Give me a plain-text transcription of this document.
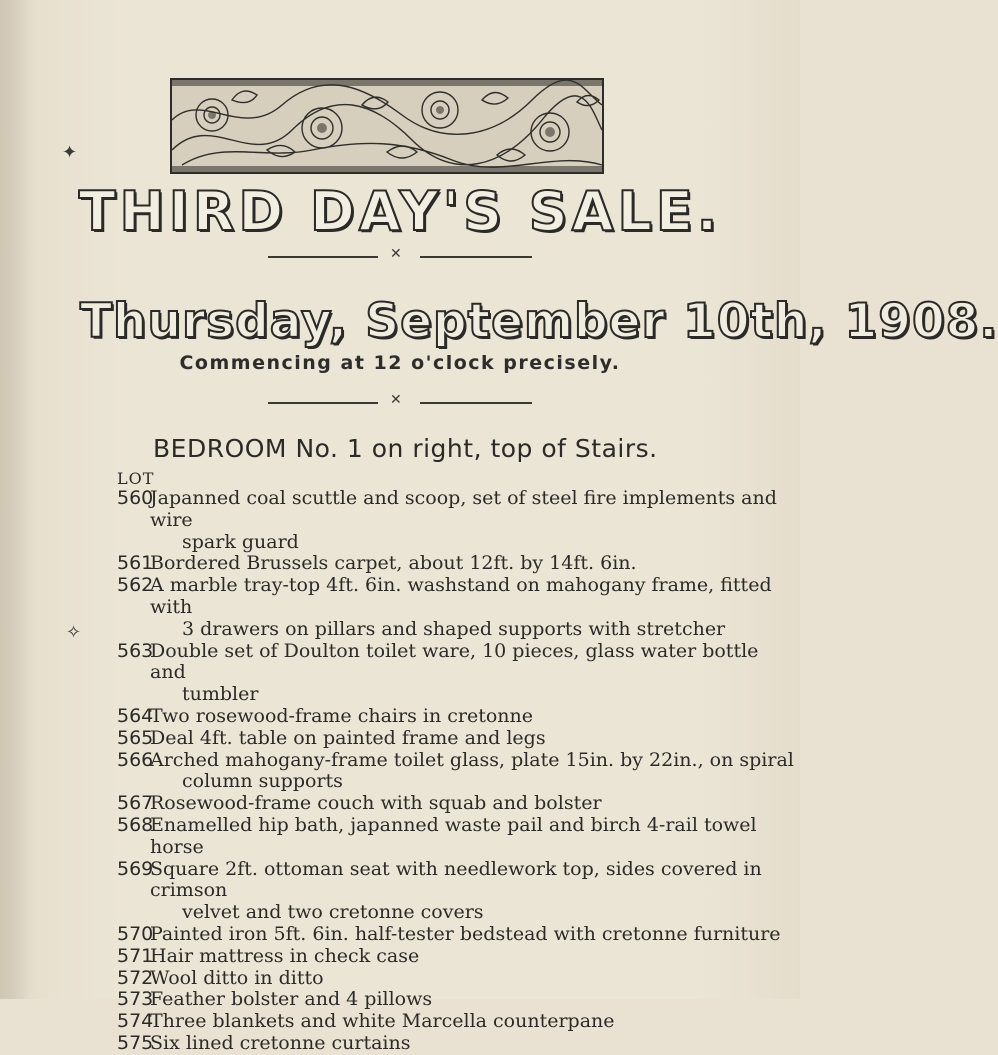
✦
✧
THIRD DAY'S SALE.
✕
Thursday, September 10th, 1908.
Commencing at 12 o'clock precisely.
✕
BEDROOM No. 1 on right, top of Stairs.
LOT
560
Japanned coal scuttle and scoop, set of steel fire implements and wire
spark guard
561
Bordered Brussels carpet, about 12ft. by 14ft. 6in.
562
A marble tray-top 4ft. 6in. washstand on mahogany frame, fitted with
3 drawers on pillars and shaped supports with stretcher
563
Double set of Doulton toilet ware, 10 pieces, glass water bottle and
tumbler
564
Two rosewood-frame chairs in cretonne
565
Deal 4ft. table on painted frame and legs
566
Arched mahogany-frame toilet glass, plate 15in. by 22in., on spiral
column supports
567
Rosewood-frame couch with squab and bolster
568
Enamelled hip bath, japanned waste pail and birch 4-rail towel horse
569
Square 2ft. ottoman seat with needlework top, sides covered in crimson
velvet and two cretonne covers
570
Painted iron 5ft. 6in. half-tester bedstead with cretonne furniture
571
Hair mattress in check case
572
Wool ditto in ditto
573
Feather bolster and 4 pillows
574
Three blankets and white Marcella counterpane
575
Six lined cretonne curtains
